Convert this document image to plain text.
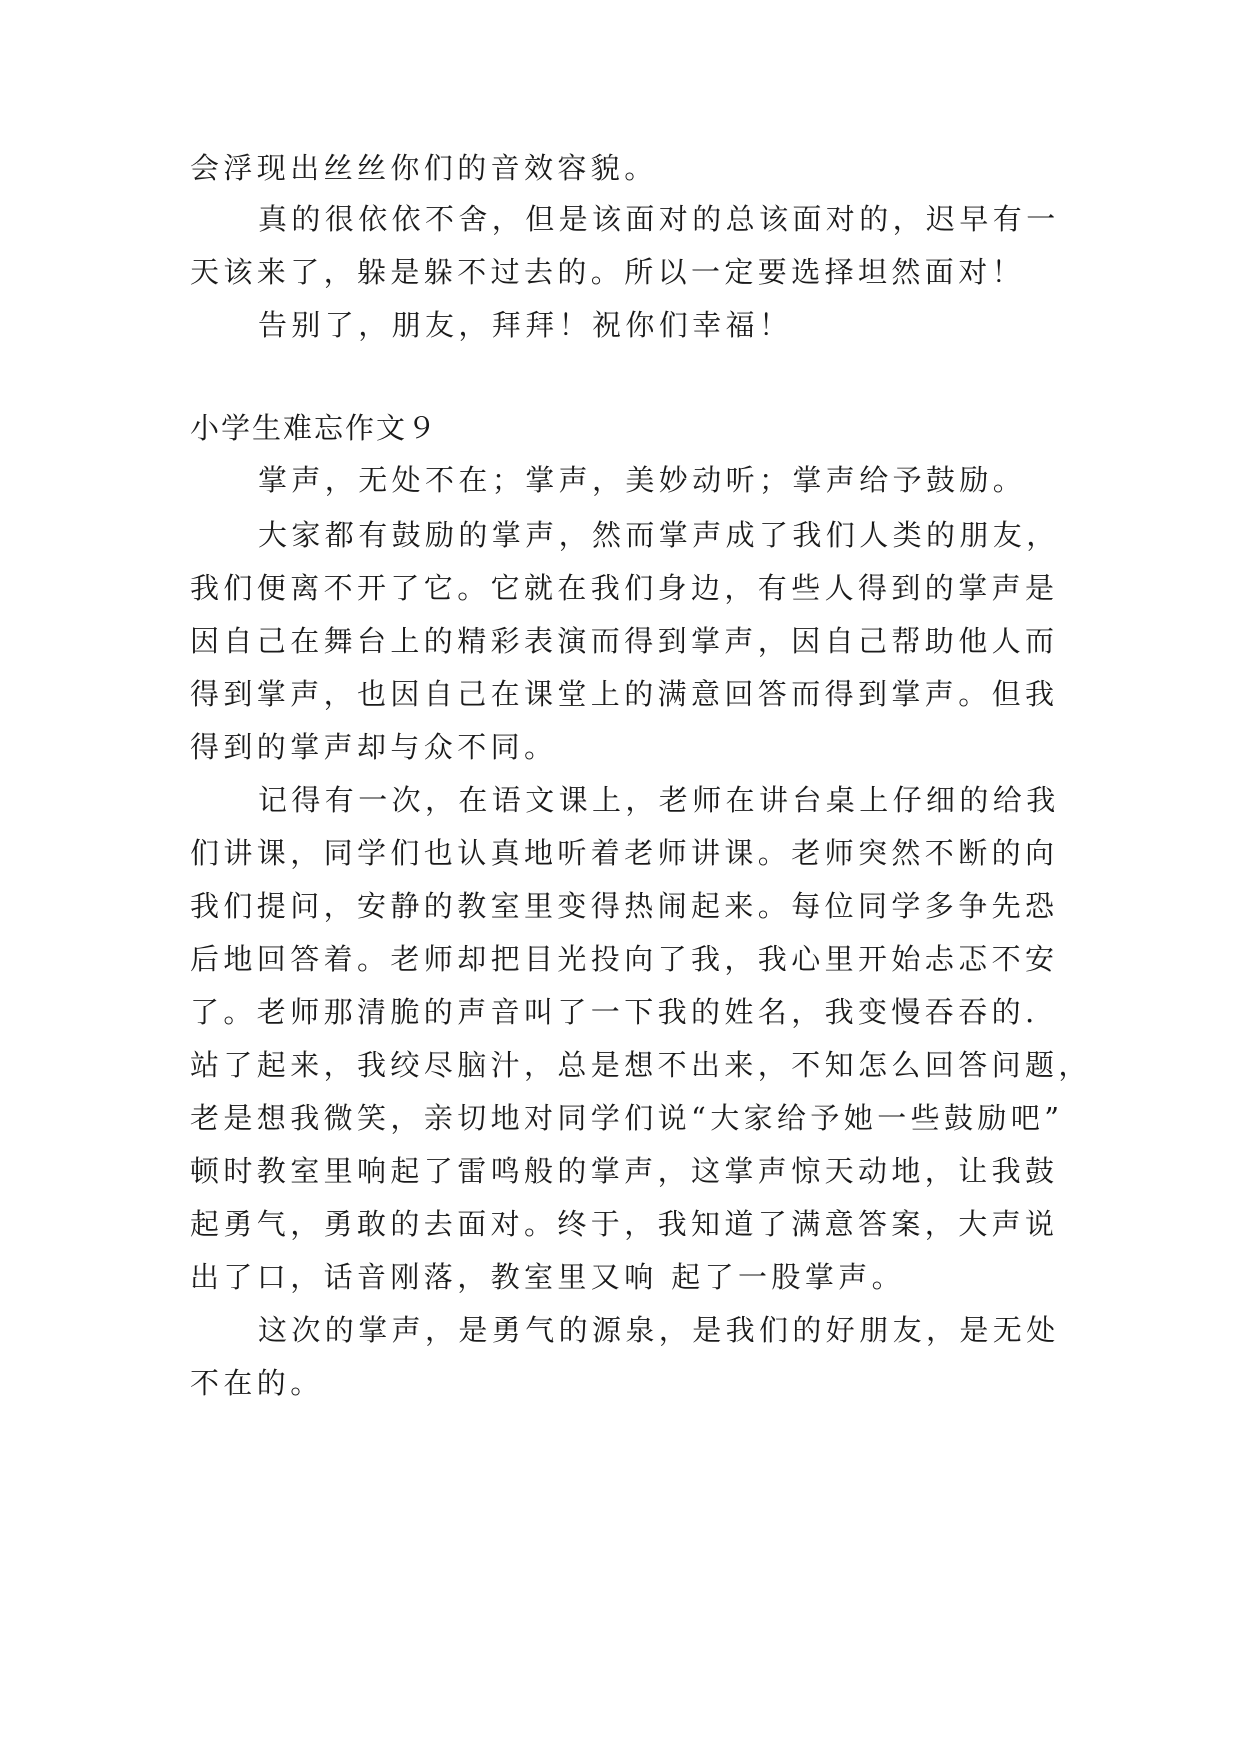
会浮现出丝丝你们的音效容貌。
真的很依依不舍，但是该面对的总该面对的，迟早有一
天该来了，躲是躲不过去的。所以一定要选择坦然面对！
告别了，朋友，拜拜！祝你们幸福！
小学生难忘作文９
掌声，无处不在；掌声，美妙动听；掌声给予鼓励。
大家都有鼓励的掌声，然而掌声成了我们人类的朋友，
我们便离不开了它。它就在我们身边，有些人得到的掌声是
因自己在舞台上的精彩表演而得到掌声，因自己帮助他人而
得到掌声，也因自己在课堂上的满意回答而得到掌声。但我
得到的掌声却与众不同。
记得有一次，在语文课上，老师在讲台桌上仔细的给我
们讲课，同学们也认真地听着老师讲课。老师突然不断的向
我们提问，安静的教室里变得热闹起来。每位同学多争先恐
后地回答着。老师却把目光投向了我，我心里开始忐忑不安
了。老师那清脆的声音叫了一下我的姓名，我变慢吞吞的.
站了起来，我绞尽脑汁，总是想不出来，不知怎么回答问题，
老是想我微笑，亲切地对同学们说“大家给予她一些鼓励吧”
顿时教室里响起了雷鸣般的掌声，这掌声惊天动地，让我鼓
起勇气，勇敢的去面对。终于，我知道了满意答案，大声说
出了口，话音刚落，教室里又响 起了一股掌声。
这次的掌声，是勇气的源泉，是我们的好朋友，是无处
不在的。
